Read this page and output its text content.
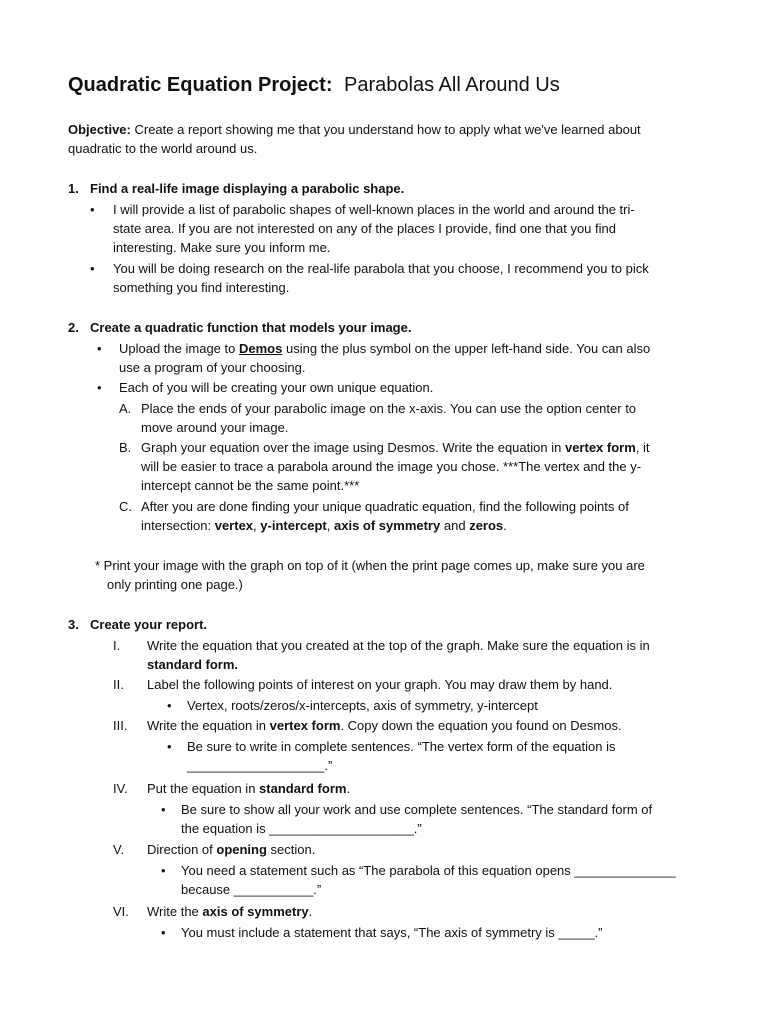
Quadratic Equation Project: Parabolas All Around Us
Objective: Create a report showing me that you understand how to apply what we've learned about
quadratic to the world around us.
1. Find a real-life image displaying a parabolic shape.
• I will provide a list of parabolic shapes of well-known places in the world and around the tri-
state area. If you are not interested on any of the places I provide, find one that you find
interesting. Make sure you inform me.
• You will be doing research on the real-life parabola that you choose, I recommend you to pick
something you find interesting.
2. Create a quadratic function that models your image.
• Upload the image to Demos using the plus symbol on the upper left-hand side. You can also
use a program of your choosing.
• Each of you will be creating your own unique equation.
A. Place the ends of your parabolic image on the x-axis. You can use the option center to
move around your image.
B. Graph your equation over the image using Desmos. Write the equation in vertex form, it
will be easier to trace a parabola around the image you chose. ***The vertex and the y-
intercept cannot be the same point.***
C. After you are done finding your unique quadratic equation, find the following points of
intersection: vertex, y-intercept, axis of symmetry and zeros.
* Print your image with the graph on top of it (when the print page comes up, make sure you are
only printing one page.)
3. Create your report.
I. Write the equation that you created at the top of the graph. Make sure the equation is in
standard form.
II. Label the following points of interest on your graph. You may draw them by hand.
• Vertex, roots/zeros/x-intercepts, axis of symmetry, y-intercept
III. Write the equation in vertex form. Copy down the equation you found on Desmos.
• Be sure to write in complete sentences. “The vertex form of the equation is
___________________.”
IV. Put the equation in standard form.
• Be sure to show all your work and use complete sentences. “The standard form of
the equation is ____________________.”
V. Direction of opening section.
• You need a statement such as “The parabola of this equation opens ______________
because ___________.”
VI. Write the axis of symmetry.
• You must include a statement that says, “The axis of symmetry is _____.”
